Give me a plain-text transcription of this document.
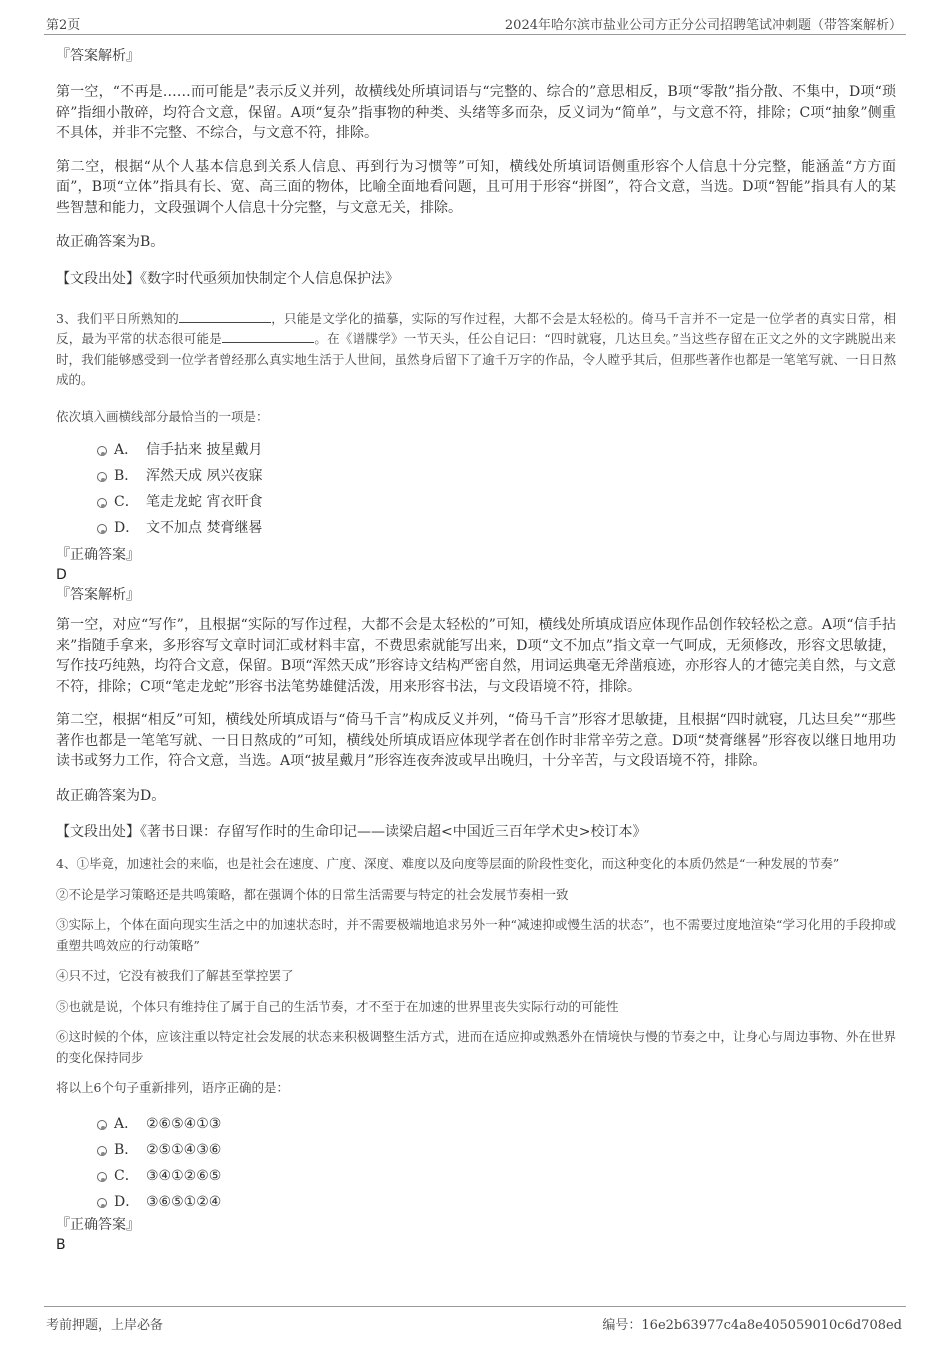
第2页	2024年哈尔滨市盐业公司方正分公司招聘笔试冲刺题（带答案解析）
『答案解析』

第一空，“不再是……而可能是”表示反义并列，故横线处所填词语与“完整的、综合的”意思相反，B项“零散”指分散、不集中，D项“琐碎”指细小散碎，均符合文意，保留。A项“复杂”指事物的种类、头绪等多而杂，反义词为“简单”，与文意不符，排除；C项“抽象”侧重不具体，并非不完整、不综合，与文意不符，排除。

第二空，根据“从个人基本信息到关系人信息、再到行为习惯等”可知，横线处所填词语侧重形容个人信息十分完整，能涵盖“方方面面”，B项“立体”指具有长、宽、高三面的物体，比喻全面地看问题，且可用于形容“拼图”，符合文意，当选。D项“智能”指具有人的某些智慧和能力，文段强调个人信息十分完整，与文意无关，排除。

故正确答案为B。

【文段出处】《数字时代亟须加快制定个人信息保护法》

3、我们平日所熟知的	，只能是文学化的描摹，实际的写作过程，大都不会是太轻松的。倚马千言并不一定是一位学者的真实日常，相反，最为平常的状态很可能是	。在《谱牒学》一节天头，任公自记曰：“四时就寝，几达旦矣。”当这些存留在正文之外的文字跳脱出来时，我们能够感受到一位学者曾经那么真实地生活于人世间，虽然身后留下了逾千万字的作品，令人瞠乎其后，但那些著作也都是一笔笔写就、一日日熬成的。

依次填入画横线部分最恰当的一项是：

A． 信手拈来 披星戴月
B． 浑然天成 夙兴夜寐
C． 笔走龙蛇 宵衣旰食
D． 文不加点 焚膏继晷
『正确答案』
D
『答案解析』

第一空，对应“写作”，且根据“实际的写作过程，大都不会是太轻松的”可知，横线处所填成语应体现作品创作较轻松之意。A项“信手拈来”指随手拿来，多形容写文章时词汇或材料丰富，不费思索就能写出来，D项“文不加点”指文章一气呵成，无须修改，形容文思敏捷，写作技巧纯熟，均符合文意，保留。B项“浑然天成”形容诗文结构严密自然，用词运典毫无斧凿痕迹，亦形容人的才德完美自然，与文意不符，排除；C项“笔走龙蛇”形容书法笔势雄健活泼，用来形容书法，与文段语境不符，排除。

第二空，根据“相反”可知，横线处所填成语与“倚马千言”构成反义并列，“倚马千言”形容才思敏捷，且根据“四时就寝，几达旦矣”“那些著作也都是一笔笔写就、一日日熬成的”可知，横线处所填成语应体现学者在创作时非常辛劳之意。D项“焚膏继晷”形容夜以继日地用功读书或努力工作，符合文意，当选。A项“披星戴月”形容连夜奔波或早出晚归，十分辛苦，与文段语境不符，排除。

故正确答案为D。

【文段出处】《著书日课：存留写作时的生命印记——读梁启超<中国近三百年学术史>校订本》

4、①毕竟，加速社会的来临，也是社会在速度、广度、深度、难度以及向度等层面的阶段性变化，而这种变化的本质仍然是“一种发展的节奏”

②不论是学习策略还是共鸣策略，都在强调个体的日常生活需要与特定的社会发展节奏相一致

③实际上，个体在面向现实生活之中的加速状态时，并不需要极端地追求另外一种“减速抑或慢生活的状态”，也不需要过度地渲染“学习化用的手段抑或重塑共鸣效应的行动策略”

④只不过，它没有被我们了解甚至掌控罢了

⑤也就是说，个体只有维持住了属于自己的生活节奏，才不至于在加速的世界里丧失实际行动的可能性

⑥这时候的个体，应该注重以特定社会发展的状态来积极调整生活方式，进而在适应抑或熟悉外在情境快与慢的节奏之中，让身心与周边事物、外在世界的变化保持同步

将以上6个句子重新排列，语序正确的是：

A． ②⑥⑤④①③
B． ②⑤①④③⑥
C． ③④①②⑥⑤
D． ③⑥⑤①②④
『正确答案』
B
考前押题，上岸必备	编号：16e2b63977c4a8e405059010c6d708ed
